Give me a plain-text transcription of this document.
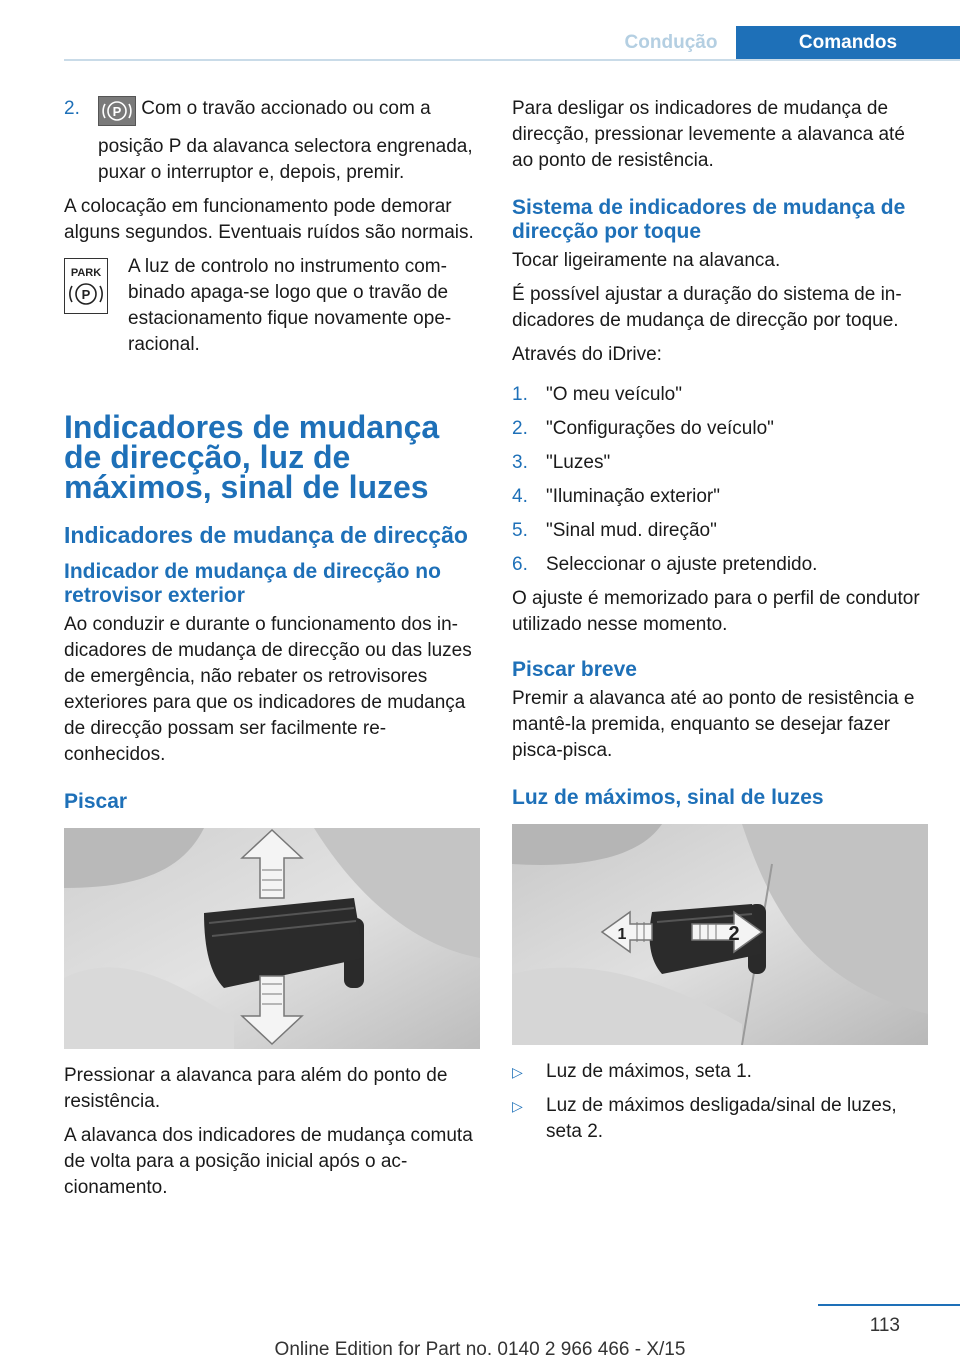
Condução	Comandos
2.	P Com o travão accionado ou com a posição P da alavanca selectora engrenada, puxar o interruptor e, depois, premir.

A colocação em funcionamento pode demorar alguns segundos. Eventuais ruídos são normais.

PARK
P
A luz de controlo no instrumento combinado apaga-se logo que o travão de estacionamento fique novamente operacional.
Indicadores de mudança de direcção, luz de máximos, sinal de luzes
Indicadores de mudança de direcção
Indicador de mudança de direcção no retrovisor exterior

Ao conduzir e durante o funcionamento dos indicadores de mudança de direcção ou das luzes de emergência, não rebater os retrovisores exteriores para que os indicadores de mudança de direcção possam ser facilmente reconhecidos.

Piscar

Pressionar a alavanca para além do ponto de resistência.

A alavanca dos indicadores de mudança comuta de volta para a posição inicial após o accionamento.

Para desligar os indicadores de mudança de direcção, pressionar levemente a alavanca até ao ponto de resistência.

Sistema de indicadores de mudança de direcção por toque

Tocar ligeiramente na alavanca.

É possível ajustar a duração do sistema de indicadores de mudança de direcção por toque.

Através do iDrive:

1. "O meu veículo"
2. "Configurações do veículo"
3. "Luzes"
4. "Iluminação exterior"
5. "Sinal mud. direção"
6. Seleccionar o ajuste pretendido.

O ajuste é memorizado para o perfil de condutor utilizado nesse momento.

Piscar breve

Premir a alavanca até ao ponto de resistência e mantê-la premida, enquanto se desejar fazer pisca-pisca.

Luz de máximos, sinal de luzes
1	2
▷ Luz de máximos, seta 1.
▷ Luz de máximos desligada/sinal de luzes, seta 2.
113
Online Edition for Part no. 0140 2 966 466 - X/15
